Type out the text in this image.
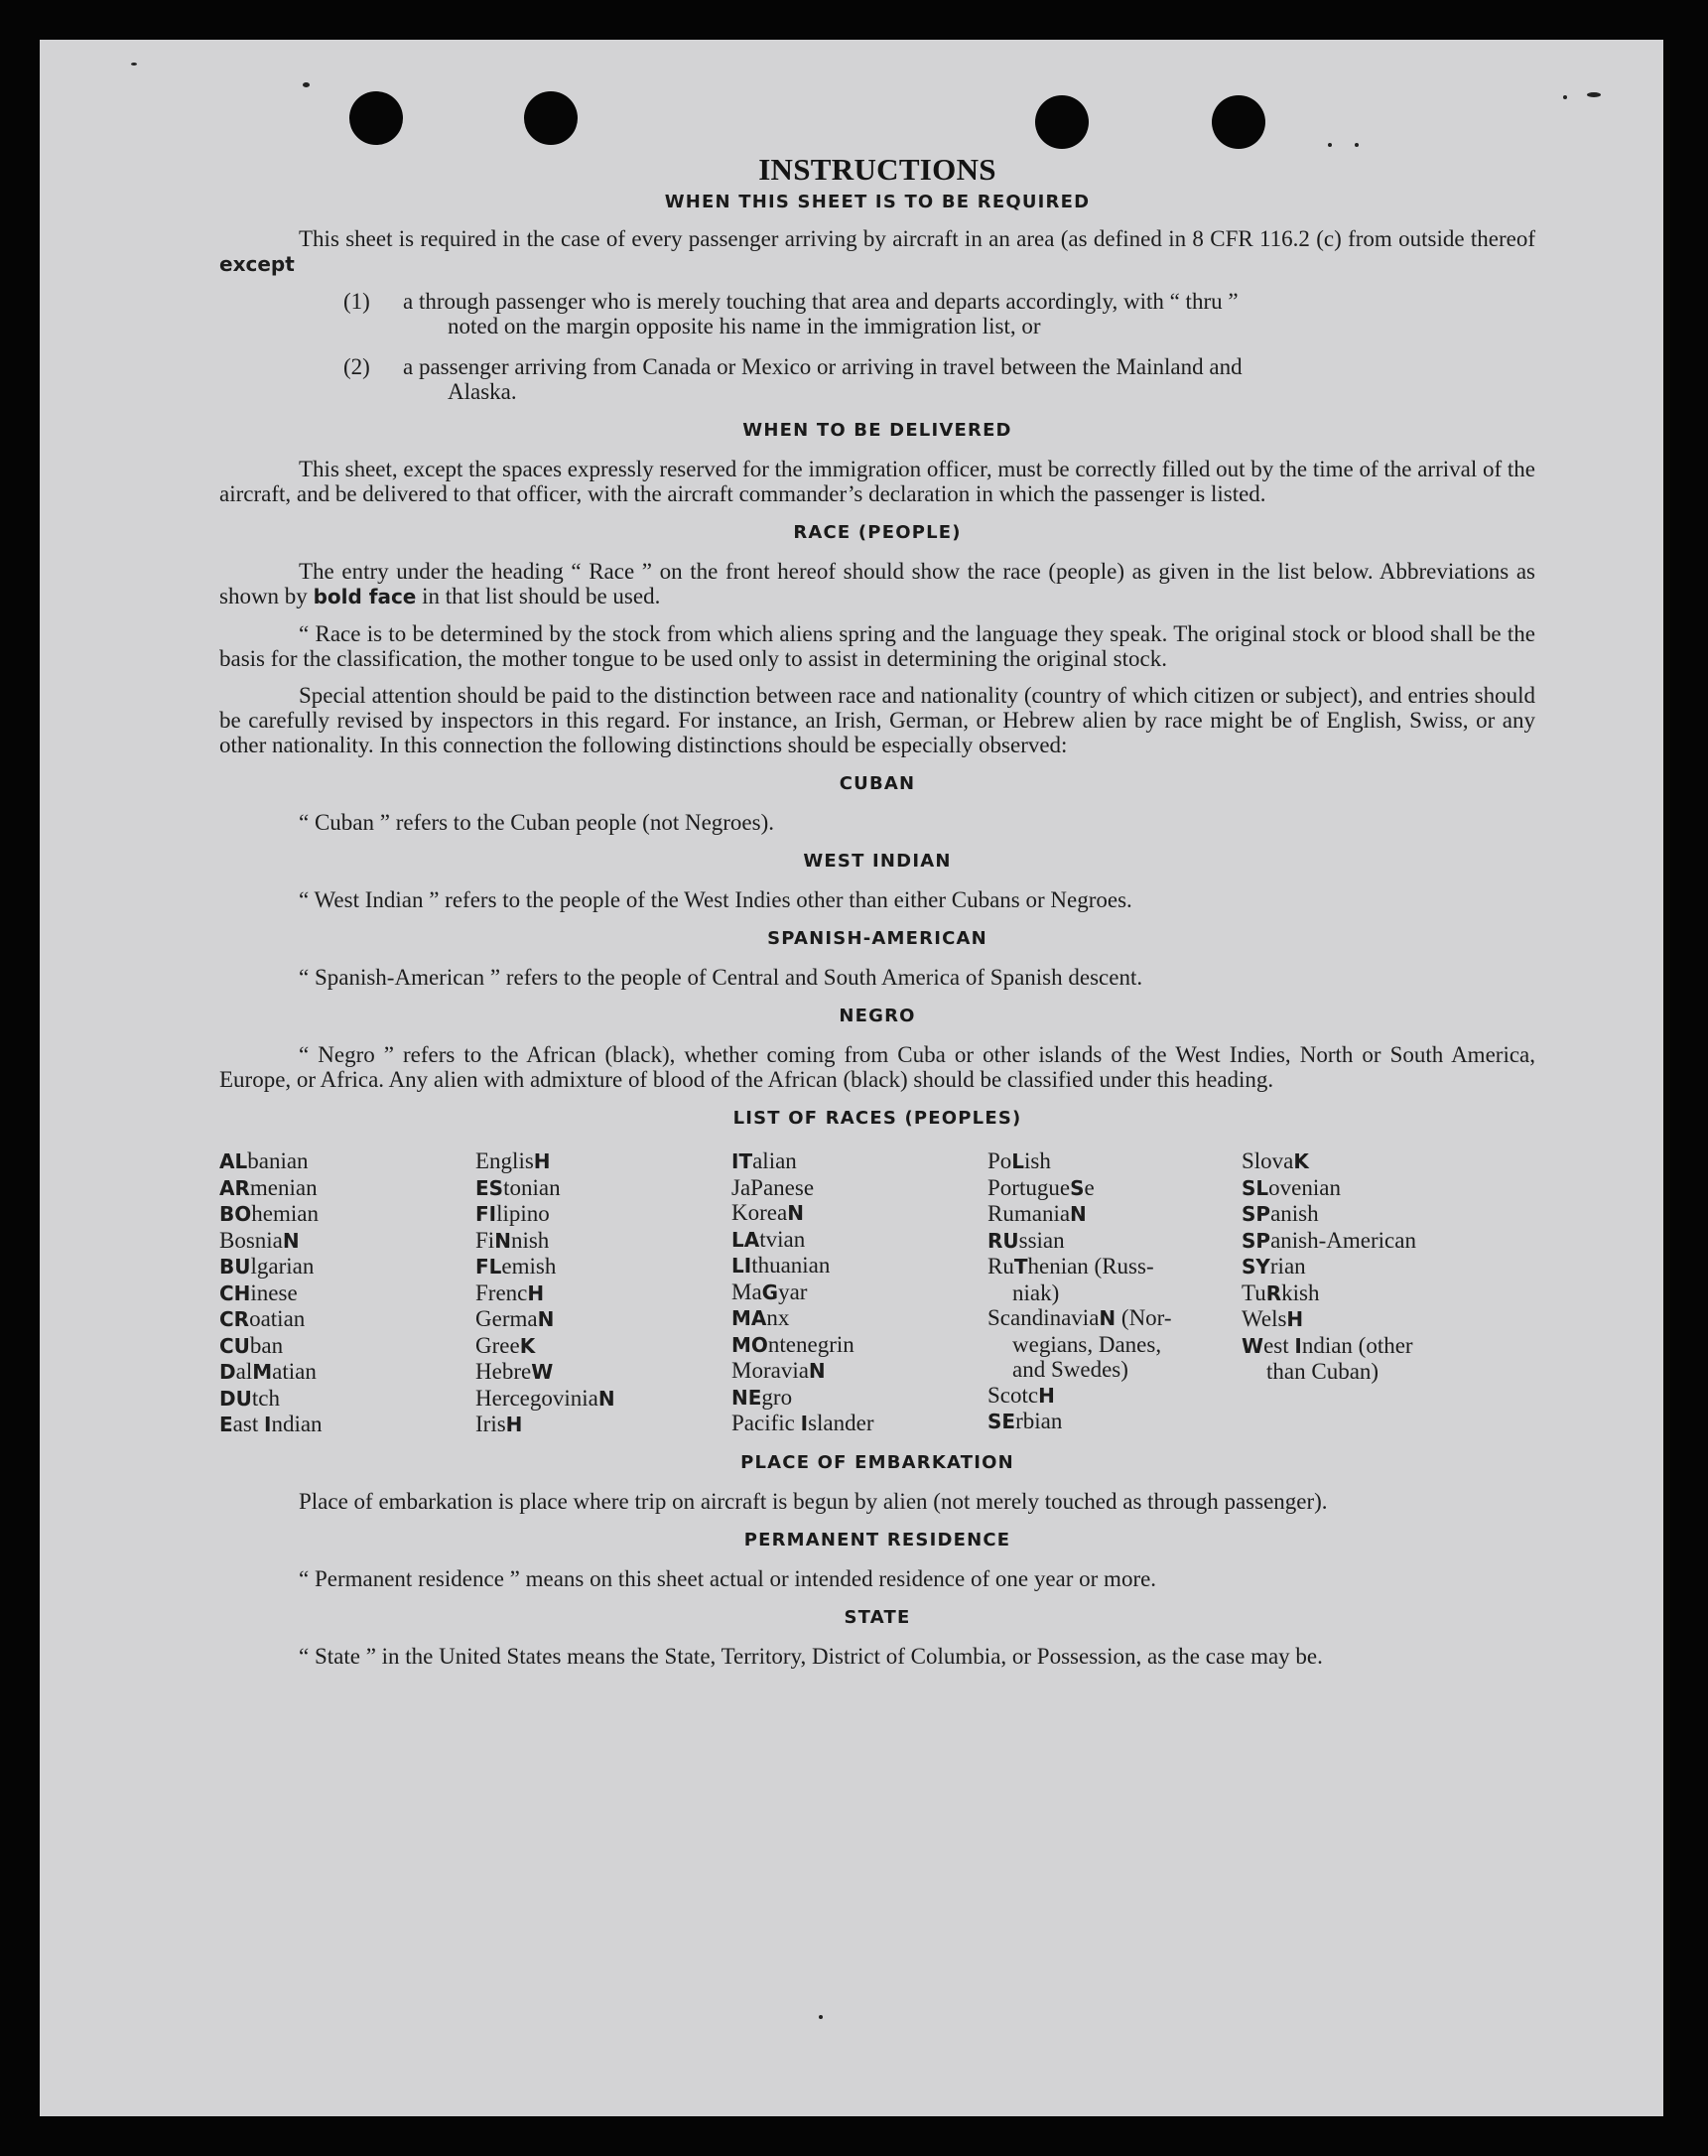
INSTRUCTIONS

WHEN THIS SHEET IS TO BE REQUIRED

This sheet is required in the case of every passenger arriving by aircraft in an area (as defined in 8 CFR 116.2 (c) from outside thereof except

(1)	a through passenger who is merely touching that area and departs accordingly, with “ thru ”
noted on the margin opposite his name in the immigration list, or
(2)	a passenger arriving from Canada or Mexico or arriving in travel between the Mainland and
Alaska.

WHEN TO BE DELIVERED

This sheet, except the spaces expressly reserved for the immigration officer, must be correctly filled out by the time of the arrival of the aircraft, and be delivered to that officer, with the aircraft commander’s declaration in which the passenger is listed.

RACE (PEOPLE)

The entry under the heading “ Race ” on the front hereof should show the race (people) as given in the list below. Abbreviations as shown by bold face in that list should be used.

“ Race is to be determined by the stock from which aliens spring and the language they speak. The original stock or blood shall be the basis for the classification, the mother tongue to be used only to assist in determining the original stock.

Special attention should be paid to the distinction between race and nationality (country of which citizen or subject), and entries should be carefully revised by inspectors in this regard. For instance, an Irish, German, or Hebrew alien by race might be of English, Swiss, or any other nationality. In this connection the following distinctions should be especially observed:

CUBAN

“ Cuban ” refers to the Cuban people (not Negroes).

WEST INDIAN

“ West Indian ” refers to the people of the West Indies other than either Cubans or Negroes.

SPANISH-AMERICAN

“ Spanish-American ” refers to the people of Central and South America of Spanish descent.

NEGRO

“ Negro ” refers to the African (black), whether coming from Cuba or other islands of the West Indies, North or South America, Europe, or Africa. Any alien with admixture of blood of the African (black) should be classified under this heading.

LIST OF RACES (PEOPLES)

ALbanian
ARmenian
BOhemian
BosniaN
BUlgarian
CHinese
CRoatian
CUban
DalMatian
DUtch
East Indian
EnglisH
EStonian
FIlipino
FiNnish
FLemish
FrencH
GermaN
GreeK
HebreW
HercegoviniaN
IrisH
ITalian
JaPanese
KoreaN
LAtvian
LIthuanian
MaGyar
MAnx
MOntenegrin
MoraviaN
NEgro
Pacific Islander
PoLish
PortugueSe
RumaniaN
RUssian
RuThenian (Russ-
niak)
ScandinaviaN (Nor-
wegians, Danes,
and Swedes)
ScotcH
SErbian
SlovaK
SLovenian
SPanish
SPanish-American
SYrian
TuRkish
WelsH
West Indian (other
than Cuban)

PLACE OF EMBARKATION

Place of embarkation is place where trip on aircraft is begun by alien (not merely touched as through passenger).

PERMANENT RESIDENCE

“ Permanent residence ” means on this sheet actual or intended residence of one year or more.

STATE

“ State ” in the United States means the State, Territory, District of Columbia, or Possession, as the case may be.
